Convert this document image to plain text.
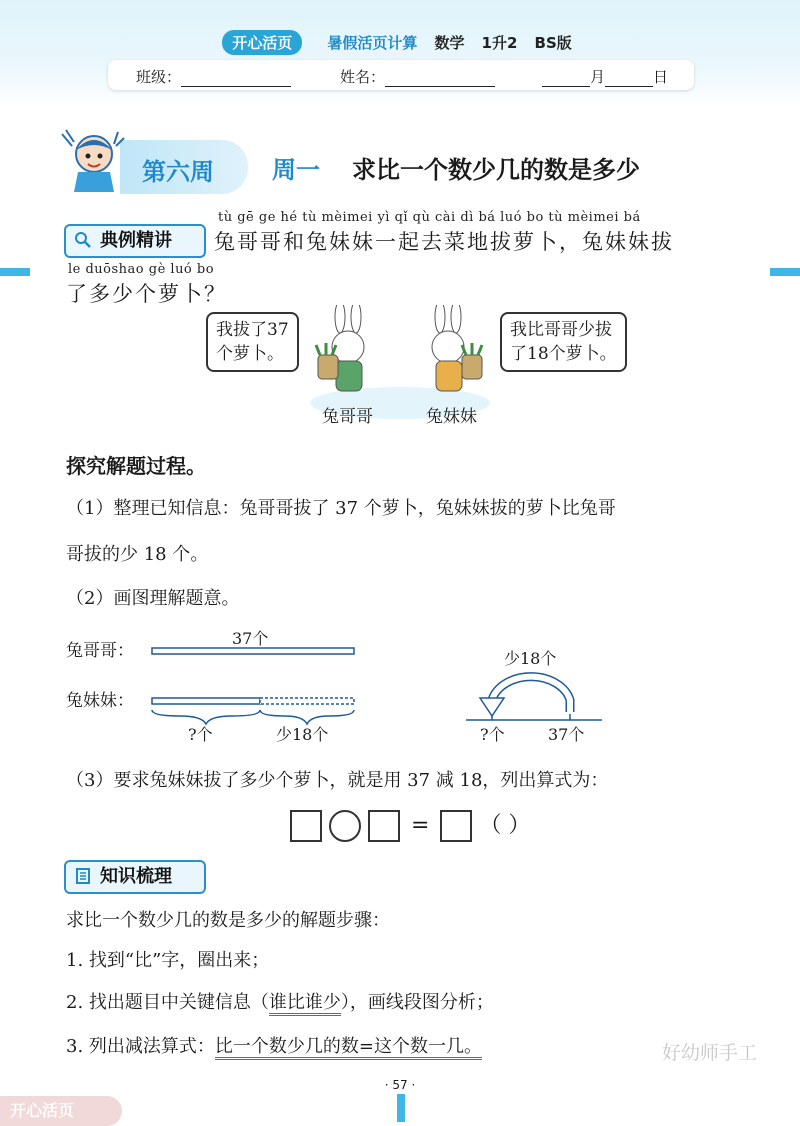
开心活页 暑假活页计算 数学 1升2 BS版
班级：	姓名：	月	日
第六周 周一 求比一个数少几的数是多少
典例精讲
tù gē ge hé tù mèimei yì qǐ qù cài dì bá luó bo tù mèimei bá
兔哥哥和兔妹妹一起去菜地拔萝卜，兔妹妹拔
le duōshao gè luó bo
了多少个萝卜？
我拔了37
个萝卜。
我比哥哥少拔
了18个萝卜。
兔哥哥	兔妹妹
探究解题过程。
（1）整理已知信息：兔哥哥拔了 37 个萝卜，兔妹妹拔的萝卜比兔哥
哥拔的少 18 个。
（2）画图理解题意。
兔哥哥：
兔妹妹：
37个
?个	少18个
少18个
?个	37个
（3）要求兔妹妹拔了多少个萝卜，就是用 37 减 18，列出算式为：
= （ ）
知识梳理
求比一个数少几的数是多少的解题步骤：
1. 找到“比”字，圈出来；
2. 找出题目中关键信息（谁比谁少），画线段图分析；
3. 列出减法算式：比一个数少几的数=这个数一几。	好幼师手工
· 57 ·
开心活页
